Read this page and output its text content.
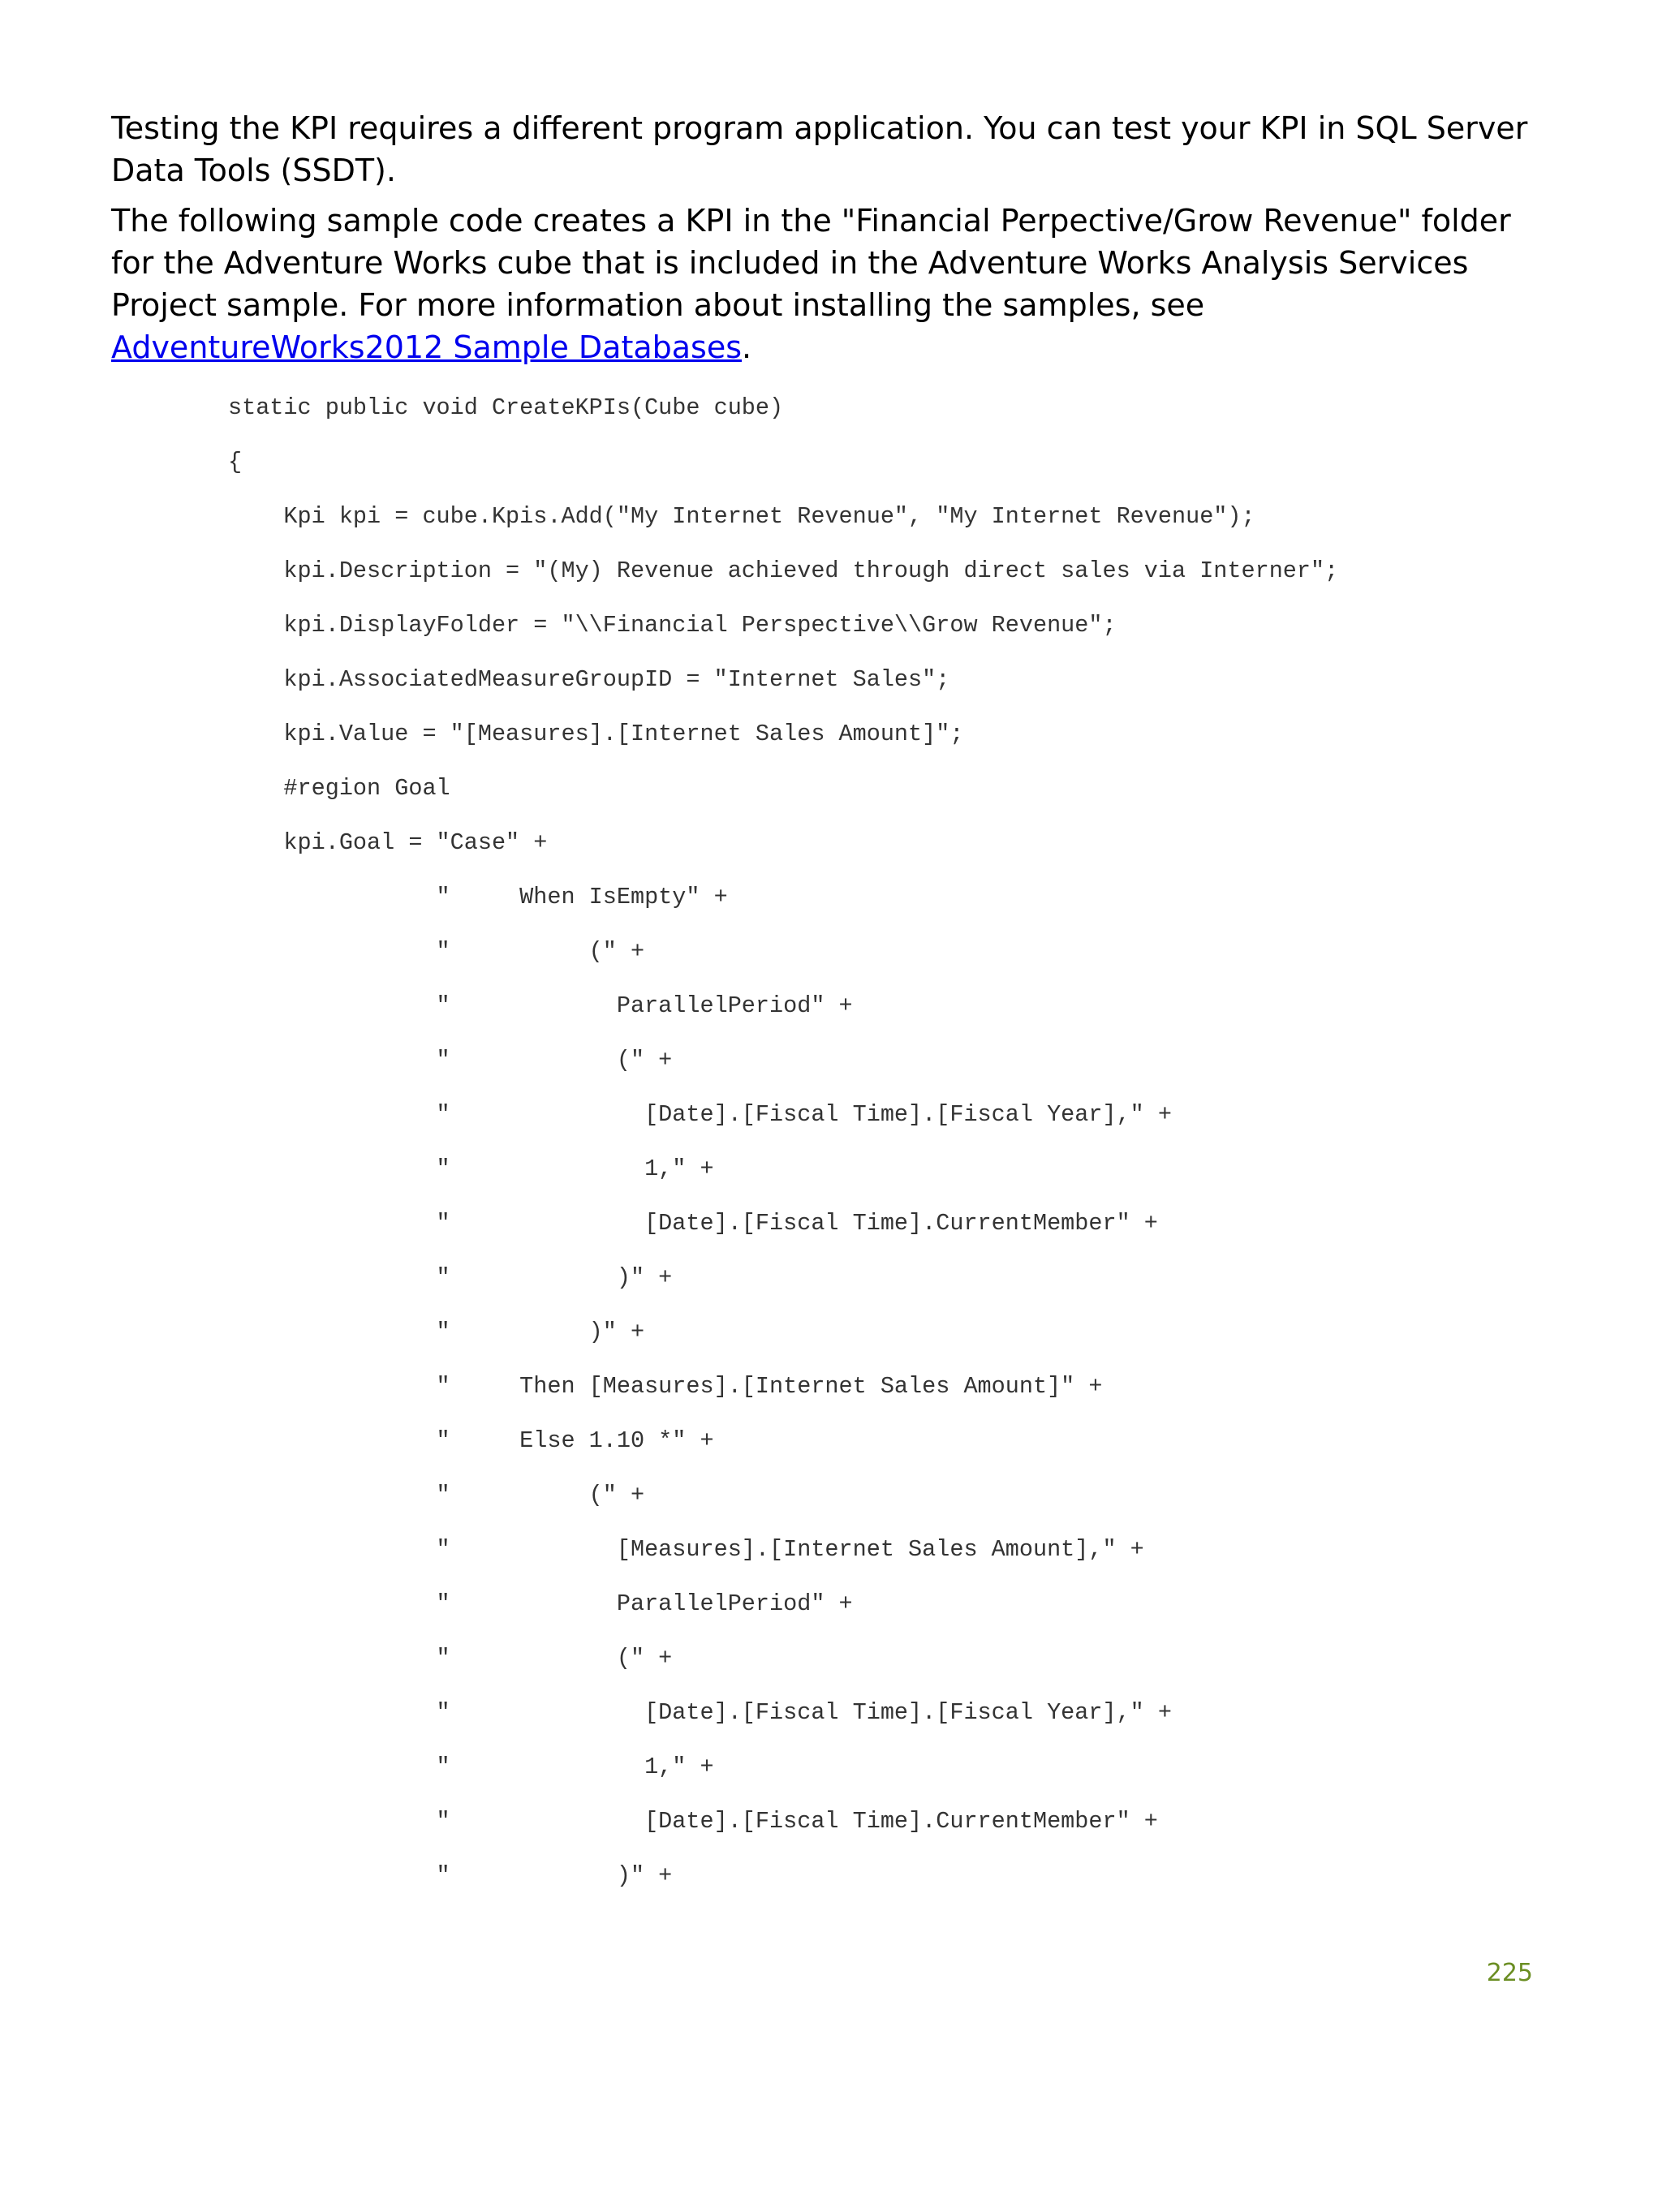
Testing the KPI requires a different program application. You can test your KPI in SQL Server Data Tools (SSDT).

The following sample code creates a KPI in the "Financial Perpective/Grow Revenue" folder for the Adventure Works cube that is included in the Adventure Works Analysis Services Project sample. For more information about installing the samples, see AdventureWorks2012 Sample Databases.

static public void CreateKPIs(Cube cube)
{
Kpi kpi = cube.Kpis.Add("My Internet Revenue", "My Internet Revenue");
kpi.Description = "(My) Revenue achieved through direct sales via Interner";
kpi.DisplayFolder = "\\Financial Perspective\\Grow Revenue";
kpi.AssociatedMeasureGroupID = "Internet Sales";
kpi.Value = "[Measures].[Internet Sales Amount]";
#region Goal
kpi.Goal = "Case" +
"     When IsEmpty" +
"          (" +
"            ParallelPeriod" +
"            (" +
"              [Date].[Fiscal Time].[Fiscal Year]," +
"              1," +
"              [Date].[Fiscal Time].CurrentMember" +
"            )" +
"          )" +
"     Then [Measures].[Internet Sales Amount]" +
"     Else 1.10 *" +
"          (" +
"            [Measures].[Internet Sales Amount]," +
"            ParallelPeriod" +
"            (" +
"              [Date].[Fiscal Time].[Fiscal Year]," +
"              1," +
"              [Date].[Fiscal Time].CurrentMember" +
"            )" +
225
